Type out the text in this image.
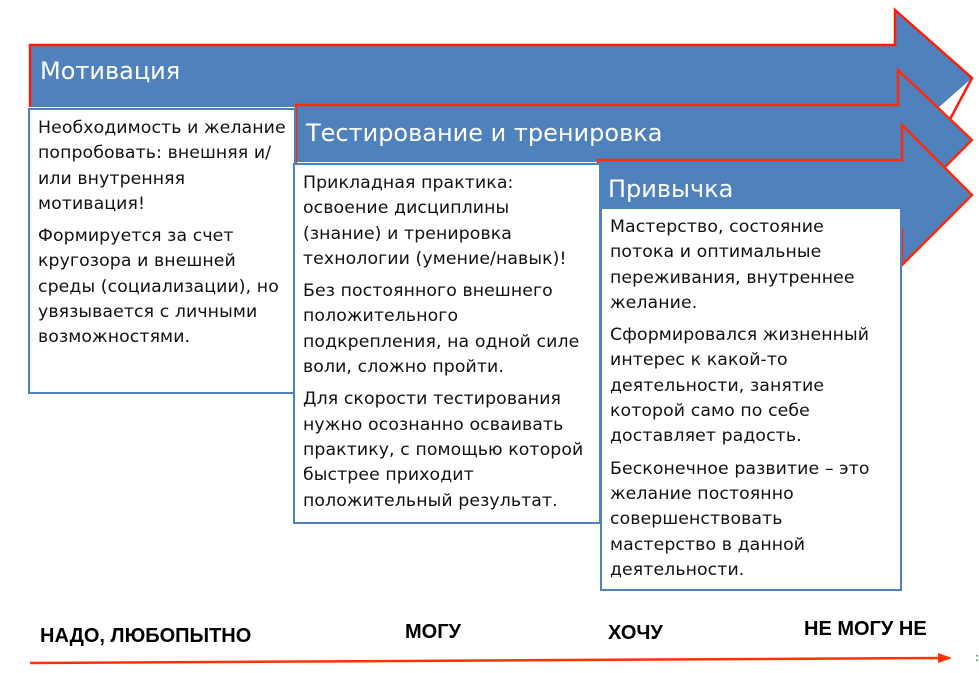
Мотивация
Тестирование и тренировка
Привычка

Необходимость и желание попробовать: внешняя и/или внутренняя мотивация!

Формируется за счет кругозора и внешней среды (социализации), но увязывается с личными возможностями.

Прикладная практика: освоение дисциплины (знание) и тренировка технологии (умение/навык)!

Без постоянного внешнего положительного подкрепления, на одной силе воли, сложно пройти.

Для скорости тестирования нужно осознанно осваивать практику, с помощью которой быстрее приходит положительный результат.

Мастерство, состояние потока и оптимальные переживания, внутреннее желание.

Сформировался жизненный интерес к какой-то деятельности, занятие которой само по себе доставляет радость.

Бесконечное развитие – это желание постоянно совершенствовать мастерство в данной деятельности.

НАДО, ЛЮБОПЫТНО	МОГУ	ХОЧУ	НЕ МОГУ НЕ
:
